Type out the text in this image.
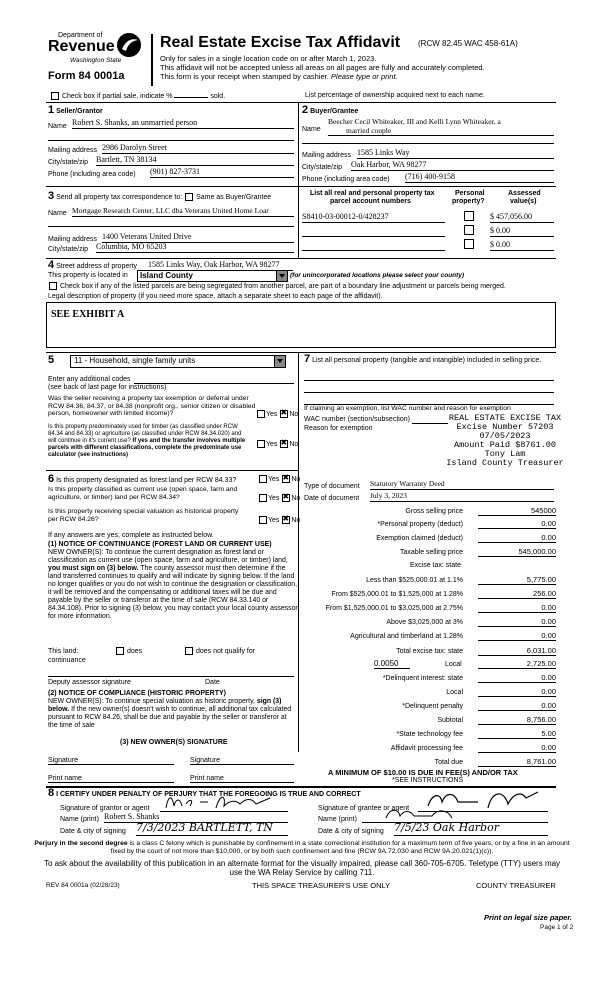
Department of
Revenue
Washington State
Form 84 0001a
Real Estate Excise Tax Affidavit (RCW 82.45 WAC 458-61A)
Only for sales in a single location code on or after March 1, 2023.
This affidavit will not be accepted unless all areas on all pages are fully and accurately completed.
This form is your receipt when stamped by cashier. Please type or print.
Check box if partial sale, indicate %	sold.	List percentage of ownership acquired next to each name.
1 Seller/Grantor
Name Robert S. Shanks, an unmarried person
Mailing address 2986 Darolyn Street
City/state/zip Bartlett, TN 38134
Phone (including area code) (901) 827-3731
2 Buyer/Grantee
Name
Beecher Cecil Whiteaker, III and Kelli Lynn Whiteaker, a
married couple
Mailing address 1585 Links Way
City/state/zip Oak Harbor, WA 98277
Phone (including area code) (716) 400-9158
3 Send all property tax correspondence to: Same as Buyer/Grantee
Name Mortgage Research Center, LLC dba Veterans United Home Loar
Mailing address 1400 Veterans United Drive
City/state/zip Columbia, MO 65203
List all real and personal property tax
parcel account numbers
Personal
property?
Assessed
value(s)
S8410-03-00012-0/428237	$ 457,056.00
$ 0.00
$ 0.00
4 Street address of property 1585 Links Way, Oak Harbor, WA 98277
This property is located in	Island County	(for unincorporated locations please select your county)
Check box if any of the listed parcels are being segregated from another parcel, are part of a boundary line adjustment or parcels being merged.
Legal description of property (if you need more space, attach a separate sheet to each page of the affidavit).
SEE EXHIBIT A
5	11 - Household, single family units
Enter any additional codes
(see back of last page for instructions)
Was the seller receiving a property tax exemption or deferral under RCW 84.36, 84.37, or 84.38 (nonprofit org., senior citizen or disabled person, homeowner with limited income)?	Yes ✖ No
Is this property predominately used for timber (as classified under RCW 84.34 and 84.33) or agriculture (as classified under RCW 84.34.020) and will continue in it's current use? If yes and the transfer involves multiple parcels with different classifications, complete the predominate use calculator (see instructions)
Yes ✖ No
6 Is this property designated as forest land per RCW 84.33?	Yes ✖ No
Is this property classified as current use (open space, farm and agriculture, or timber) land per RCW 84.34?	Yes ✖ No
Is this property receiving special valuation as historical property per RCW 84.26?	Yes ✖ No
If any answers are yes, complete as instructed below.
(1) NOTICE OF CONTINUANCE (FOREST LAND OR CURRENT USE)
NEW OWNER(S): To continue the current designation as forest land or classification as current use (open space, farm and agriculture, or timber) land, you must sign on (3) below. The county assessor must then determine if the land transferred continues to qualify and will indicate by signing below. If the land no longer qualifies or you do not wish to continue the designation or classification, it will be removed and the compensating or additional taxes will be due and payable by the seller or transferor at the time of sale (RCW 84.33.140 or 84.34.108). Prior to signing (3) below, you may contact your local county assessor for more information.
This land:	does	does not qualify for
continuance
Deputy assessor signature	Date
(2) NOTICE OF COMPLIANCE (HISTORIC PROPERTY)
NEW OWNER(S): To continue special valuation as historic property, sign (3) below. If the new owner(s) doesn't wish to continue, all additional tax calculated pursuant to RCW 84.26, shall be due and payable by the seller or transferor at the time of sale
(3) NEW OWNER(S) SIGNATURE
Signature	Signature
Print name	Print name
7 List all personal property (tangible and intangible) included in selling price.
If claiming an exemption, list WAC number and reason for exemption
WAC number (section/subsection)
Reason for exemption
REAL ESTATE EXCISE TAX
Excise Number 57203
07/05/2023
Amount Paid $8761.00
Tony Lam
Island County Treasurer
Type of document Statutory Warranty Deed
Date of document July 3, 2023
Gross selling price	545000
*Personal property (deduct)	0.00
Exemption claimed (deduct)	0.00
Taxable selling price	545,000.00
Excise tax: state
Less than $525,000.01 at 1.1%	5,775.00
From $525,000.01 to $1,525,000 at 1.28%	256.00
From $1,525,000.01 to $3,025,000 at 2.75%	0.00
Above $3,025,000 at 3%	0.00
Agricultural and timberland at 1.28%	0.00
Total excise tax: state	6,031.00
0.0050	Local	2,725.00
*Delinquent interest: state	0.00
Local	0.00
*Delinquent penalty	0.00
Subtotal	8,756.00
*State technology fee	5.00
Affidavit processing fee	0.00
Total due	8,761.00
A MINIMUM OF $10.00 IS DUE IN FEE(S) AND/OR TAX
*SEE INSTRUCTIONS
8 I CERTIFY UNDER PENALTY OF PERJURY THAT THE FOREGOING IS TRUE AND CORRECT
Signature of grantor or agent
Name (print) Robert S. Shanks
Date & city of signing 7/3/2023 BARTLETT, TN
Signature of grantee or agent
Name (print)
Date & city of signing 7/5/23 Oak Harbor
Perjury in the second degree is a class C felony which is punishable by confinement in a state correctional institution for a maximum term of five years, or by a fine in an amount fixed by the court of not more than $10,000, or by both such confinement and fine (RCW 9A.72.030 and RCW 9A.20.021(1)(c)).
To ask about the availability of this publication in an alternate format for the visually impaired, please call 360-705-6705. Teletype (TTY) users may use the WA Relay Service by calling 711.
REV 84 0001a (02/28/23)	THIS SPACE TREASURER'S USE ONLY	COUNTY TREASURER
Print on legal size paper.
Page 1 of 2
